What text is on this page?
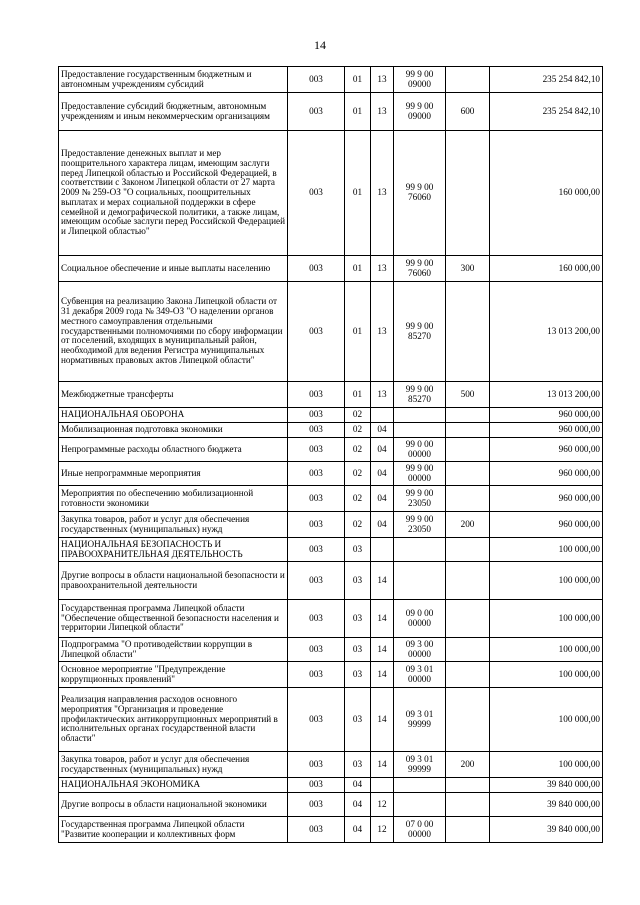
14
Предоставление государственным бюджетным и автономным учреждениям субсидий	003	01	13	99 9 00 09000		235 254 842,10
Предоставление субсидий бюджетным, автономным учреждениям и иным некоммерческим организациям	003	01	13	99 9 00 09000	600	235 254 842,10
Предоставление денежных выплат и мер поощрительного характера лицам, имеющим заслуги перед Липецкой областью и Российской Федерацией, в соответствии с Законом Липецкой области от 27 марта 2009 № 259-ОЗ "О социальных, поощрительных выплатах и мерах социальной поддержки в сфере семейной и демографической политики, а также лицам, имеющим особые заслуги перед Российской Федерацией и Липецкой областью"	003	01	13	99 9 00 76060		160 000,00
Социальное обеспечение и иные выплаты населению	003	01	13	99 9 00 76060	300	160 000,00
Субвенция на реализацию Закона Липецкой области от 31 декабря 2009 года № 349-ОЗ "О наделении органов местного самоуправления отдельными государственными полномочиями по сбору информации от поселений, входящих в муниципальный район, необходимой для ведения Регистра муниципальных нормативных правовых актов Липецкой области"	003	01	13	99 9 00 85270		13 013 200,00
Межбюджетные трансферты	003	01	13	99 9 00 85270	500	13 013 200,00
НАЦИОНАЛЬНАЯ ОБОРОНА	003	02				960 000,00
Мобилизационная подготовка экономики	003	02	04			960 000,00
Непрограммные расходы областного бюджета	003	02	04	99 0 00 00000		960 000,00
Иные непрограммные мероприятия	003	02	04	99 9 00 00000		960 000,00
Мероприятия по обеспечению мобилизационной готовности экономики	003	02	04	99 9 00 23050		960 000,00
Закупка товаров, работ и услуг для обеспечения государственных (муниципальных) нужд	003	02	04	99 9 00 23050	200	960 000,00
НАЦИОНАЛЬНАЯ БЕЗОПАСНОСТЬ И ПРАВООХРАНИТЕЛЬНАЯ ДЕЯТЕЛЬНОСТЬ	003	03				100 000,00
Другие вопросы в области национальной безопасности и правоохранительной деятельности	003	03	14			100 000,00
Государственная программа Липецкой области "Обеспечение общественной безопасности населения и территории Липецкой области"	003	03	14	09 0 00 00000		100 000,00
Подпрограмма "О противодействии коррупции в Липецкой области"	003	03	14	09 3 00 00000		100 000,00
Основное мероприятие "Предупреждение коррупционных проявлений"	003	03	14	09 3 01 00000		100 000,00
Реализация направления расходов основного мероприятия "Организация и проведение профилактических антикоррупционных мероприятий в исполнительных органах государственной власти области"	003	03	14	09 3 01 99999		100 000,00
Закупка товаров, работ и услуг для обеспечения государственных (муниципальных) нужд	003	03	14	09 3 01 99999	200	100 000,00
НАЦИОНАЛЬНАЯ ЭКОНОМИКА	003	04				39 840 000,00
Другие вопросы в области национальной экономики	003	04	12			39 840 000,00
Государственная программа Липецкой области "Развитие кооперации и коллективных форм	003	04	12	07 0 00 00000		39 840 000,00
